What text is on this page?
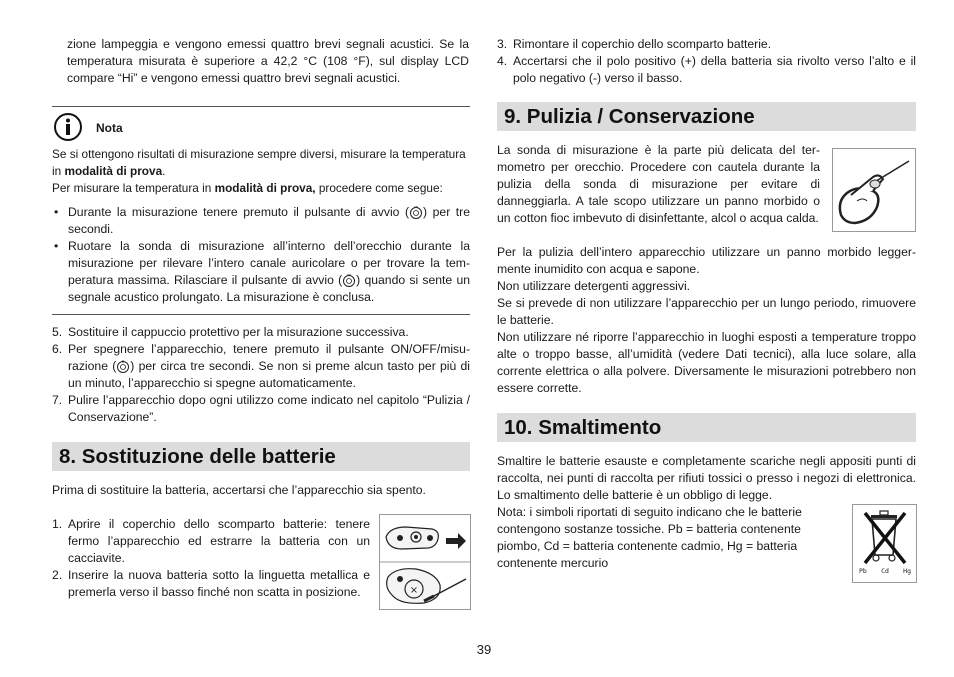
zione lampeggia e vengono emessi quattro brevi segnali acustici. Se la temperatura misurata è superiore a 42,2 °C (108 °F), sul display LCD compare “Hi” e vengono emessi quattro brevi segnali acustici.

Nota

Se si ottengono risultati di misurazione sempre diversi, misurare la temperatura in modalità di prova.

Per misurare la temperatura in modalità di prova, procedere come segue:

• Durante la misurazione tenere premuto il pulsante di avvio ( ON ) per tre secondi.
• Ruotare la sonda di misurazione all’interno dell’orecchio durante la misurazione per rilevare l’intero canale auricolare o per trovare la temperatura massima. Rilasciare il pulsante di avvio ( ON ) quando si sente un segnale acustico prolungato. La misurazione è conclusa.
5. Sostituire il cappuccio protettivo per la misurazione successiva.
6. Per spegnere l’apparecchio, tenere premuto il pulsante ON/OFF/misurazione ( ) per circa tre secondi. Se non si preme alcun tasto per più di un minuto, l’apparecchio si spegne automaticamente.
7. Pulire l’apparecchio dopo ogni utilizzo come indicato nel capitolo “Pulizia / Conservazione”.
8. Sostituzione delle batterie

Prima di sostituire la batteria, accertarsi che l’apparecchio sia spento.

1. Aprire il coperchio dello scomparto batterie: tenere fermo l’apparecchio ed estrarre la batteria con un cacciavite.
2. Inserire la nuova batteria sotto la linguetta metallica e premerla verso il basso finché non scatta in posizione.	×
3. Rimontare il coperchio dello scomparto batterie.
4. Accertarsi che il polo positivo (+) della batteria sia rivolto verso l’alto e il polo negativo (-) verso il basso.
9. Pulizia / Conservazione

La sonda di misurazione è la parte più delicata del termometro per orecchio. Procedere con cautela durante la pulizia della sonda di misurazione per evitare di danneggiarla. A tale scopo utilizzare un panno morbido o un cotton fioc imbevuto di disinfettante, alcol o acqua calda.

Per la pulizia dell’intero apparecchio utilizzare un panno morbido leggermente inumidito con acqua e sapone.

Non utilizzare detergenti aggressivi.

Se si prevede di non utilizzare l’apparecchio per un lungo periodo, rimuovere le batterie.

Non utilizzare né riporre l’apparecchio in luoghi esposti a temperature troppo alte o troppo basse, all’umidità (vedere Dati tecnici), alla luce solare, alla corrente elettrica o alla polvere. Diversamente le misurazioni potrebbero non essere corrette.

10. Smaltimento

Smaltire le batterie esauste e completamente scariche negli appositi punti di raccolta, nei punti di raccolta per rifiuti tossici o presso i negozi di elettronica. Lo smaltimento delle batterie è un obbligo di legge.

Nota: i simboli riportati di seguito indicano che le batterie contengono sostanze tossiche. Pb = batteria contenente piombo, Cd = batteria contenente cadmio, Hg = batteria contenente mercurio

Pb Cd Hg
39
